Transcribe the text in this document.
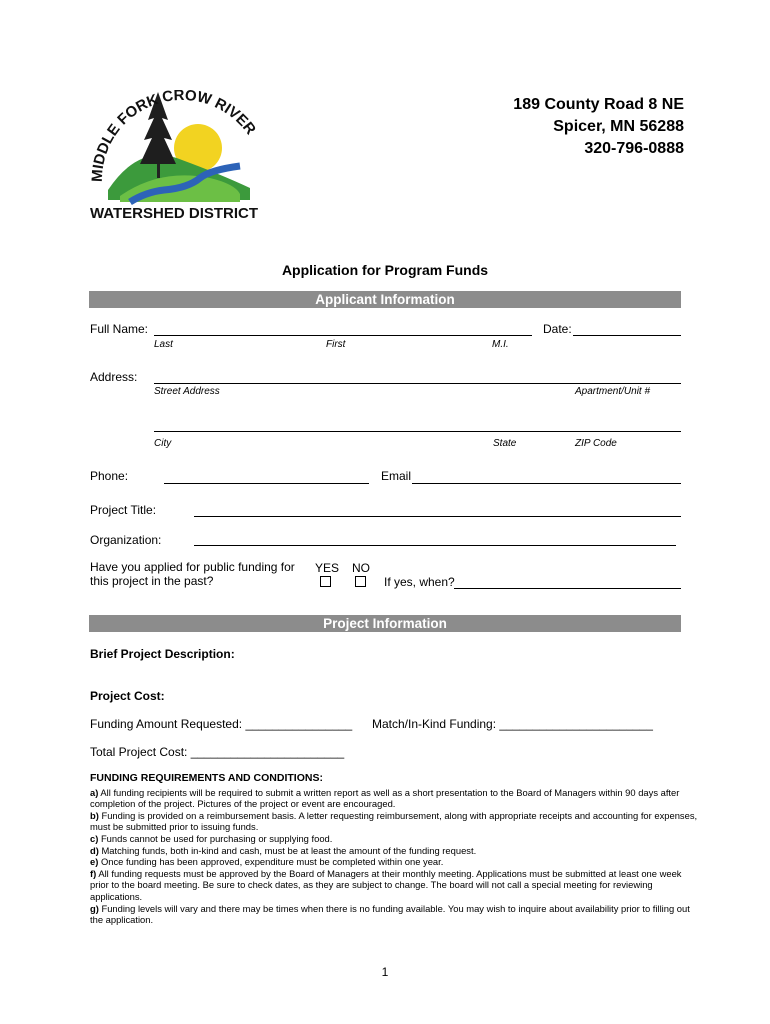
MIDDLE FORK CROW RIVER
WATERSHED DISTRICT
189 County Road 8 NE
Spicer, MN 56288
320-796-0888
Application for Program Funds
Applicant Information
Full Name:	Date:
Last	First	M.I.
Address:
Street Address	Apartment/Unit #
City	State	ZIP Code
Phone:	Email
Project Title:
Organization:
Have you applied for public funding for
this project in the past?
YES NO
If yes, when?
Project Information
Brief Project Description:
Project Cost:
Funding Amount Requested: ________________ Match/In-Kind Funding: _______________________
Total Project Cost: _______________________

FUNDING REQUIREMENTS AND CONDITIONS:

a) All funding recipients will be required to submit a written report as well as a short presentation to the Board of Managers within 90 days after completion of the project. Pictures of the project or event are encouraged.

b) Funding is provided on a reimbursement basis. A letter requesting reimbursement, along with appropriate receipts and accounting for expenses, must be submitted prior to issuing funds.

c) Funds cannot be used for purchasing or supplying food.

d) Matching funds, both in-kind and cash, must be at least the amount of the funding request.

e) Once funding has been approved, expenditure must be completed within one year.

f) All funding requests must be approved by the Board of Managers at their monthly meeting. Applications must be submitted at least one week prior to the board meeting. Be sure to check dates, as they are subject to change. The board will not call a special meeting for reviewing applications.

g) Funding levels will vary and there may be times when there is no funding available. You may wish to inquire about availability prior to filling out the application.

1
